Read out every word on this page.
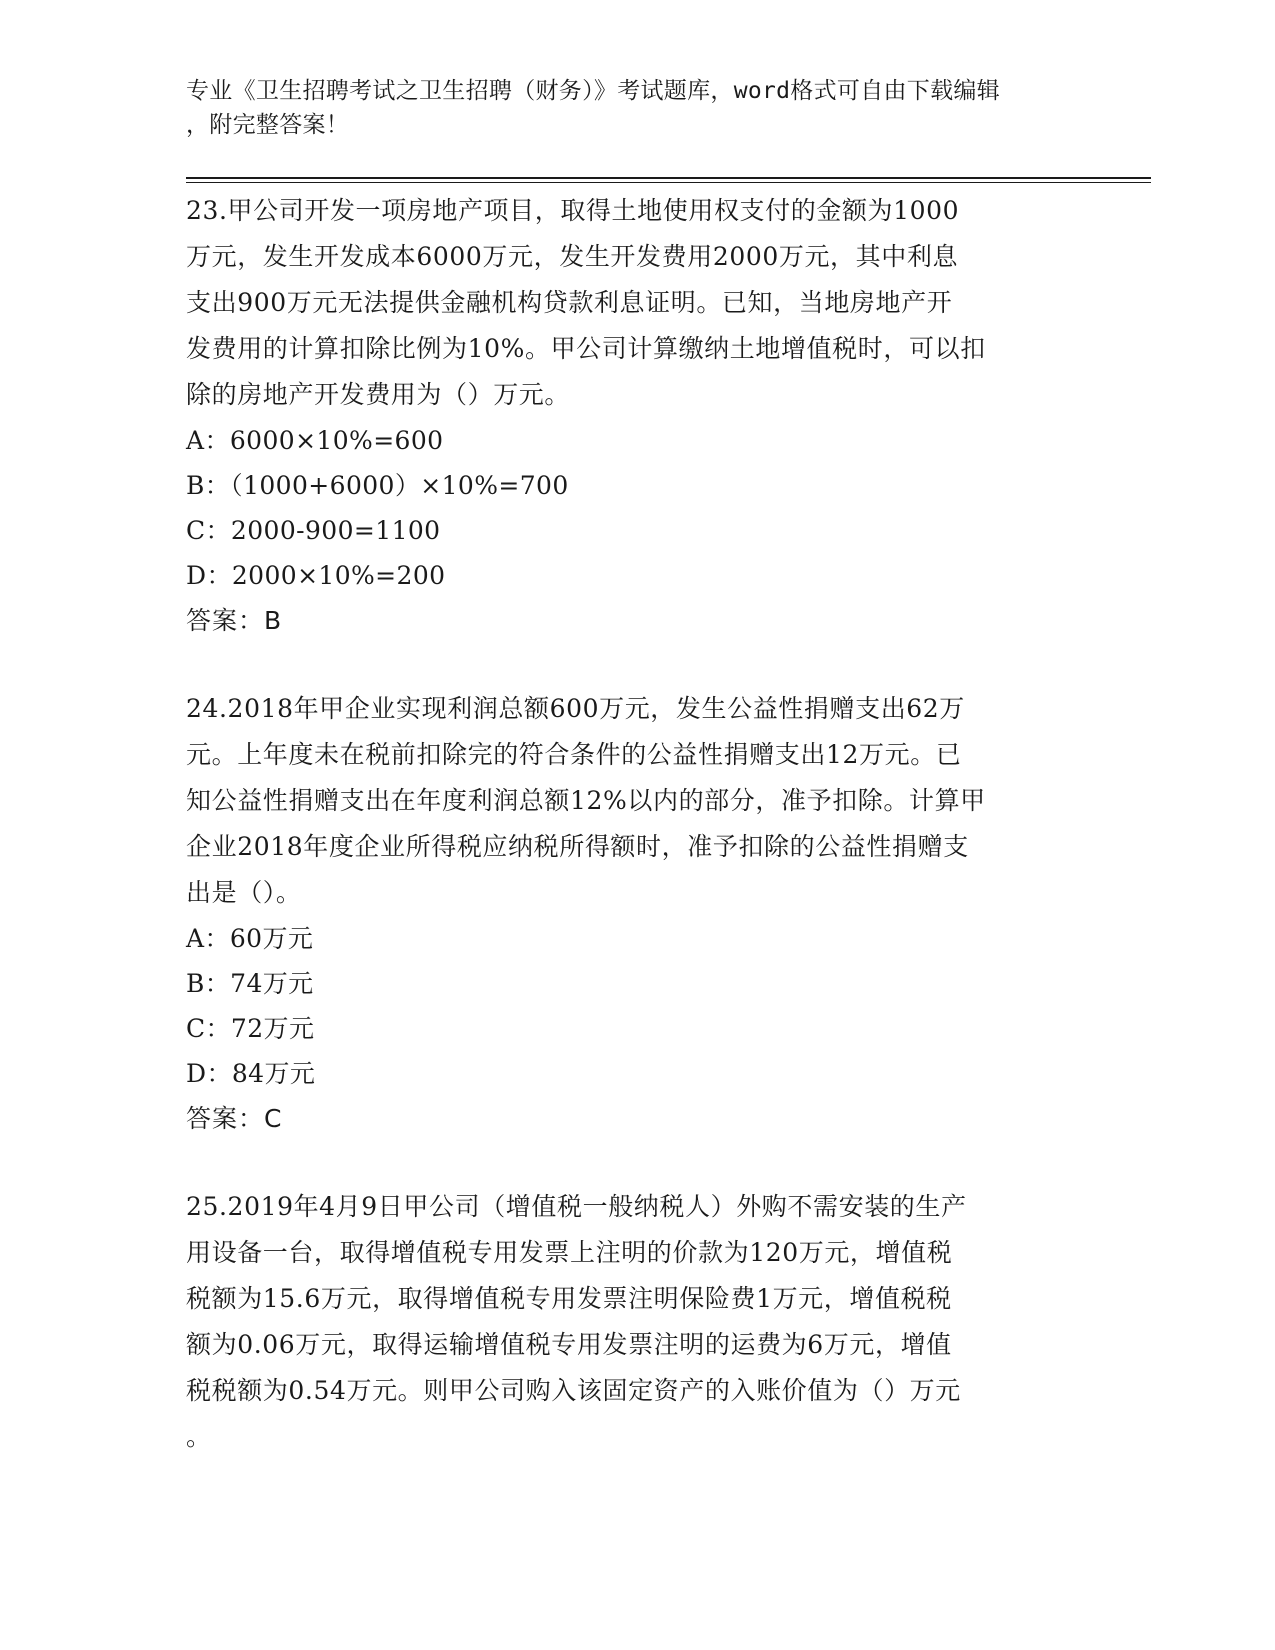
专业《卫生招聘考试之卫生招聘（财务）》考试题库，word格式可自由下载编辑
，附完整答案！
23.甲公司开发一项房地产项目，取得土地使用权支付的金额为1000
万元，发生开发成本6000万元，发生开发费用2000万元，其中利息
支出900万元无法提供金融机构贷款利息证明。已知，当地房地产开
发费用的计算扣除比例为10%。甲公司计算缴纳土地增值税时，可以扣
除的房地产开发费用为（）万元。
A：6000×10%=600
B：（1000+6000）×10%=700
C：2000-900=1100
D：2000×10%=200
答案：B
24.2018年甲企业实现利润总额600万元，发生公益性捐赠支出62万
元。上年度未在税前扣除完的符合条件的公益性捐赠支出12万元。已
知公益性捐赠支出在年度利润总额12%以内的部分，准予扣除。计算甲
企业2018年度企业所得税应纳税所得额时，准予扣除的公益性捐赠支
出是（）。
A：60万元
B：74万元
C：72万元
D：84万元
答案：C
25.2019年4月9日甲公司（增值税一般纳税人）外购不需安装的生产
用设备一台，取得增值税专用发票上注明的价款为120万元，增值税
税额为15.6万元，取得增值税专用发票注明保险费1万元，增值税税
额为0.06万元，取得运输增值税专用发票注明的运费为6万元，增值
税税额为0.54万元。则甲公司购入该固定资产的入账价值为（）万元
。
